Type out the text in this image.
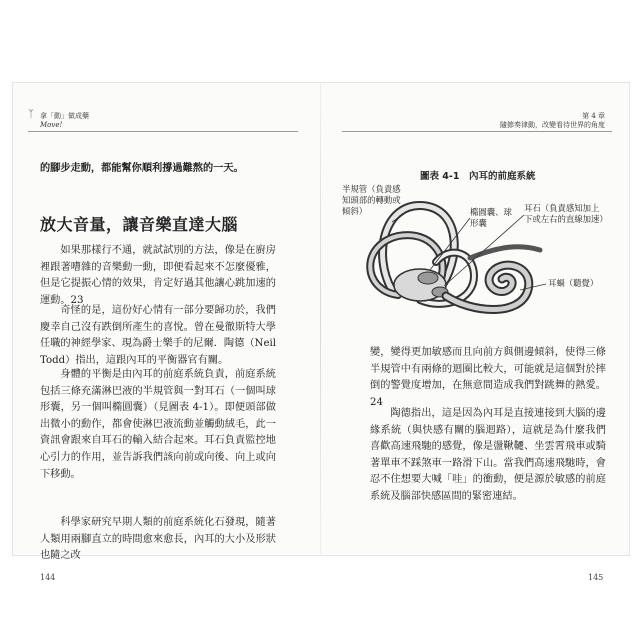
ᛉ 拿「動」做成藥
Move!
的腳步走動，都能幫你順利撐過難熬的一天。
放大音量，讓音樂直達大腦
如果那樣行不通，就試試別的方法，像是在廚房裡跟著嘈雜的音樂動一動，即便看起來不怎麼優雅，但是它提振心情的效果，肯定好過其他讓心跳加速的運動。23
奇怪的是，這份好心情有一部分要歸功於，我們慶幸自己沒有跌倒所產生的喜悅。曾在曼徹斯特大學任職的神經學家、現為爵士樂手的尼爾．陶德（Neil Todd）指出，這跟內耳的平衡器官有關。
身體的平衡是由內耳的前庭系統負責，前庭系統包括三條充滿淋巴液的半規管與一對耳石（一個叫球形囊，另一個叫橢圓囊）（見圖表 4-1）。即便頭部做出微小的動作，都會使淋巴液流動並觸動絨毛，此一資訊會跟來自耳石的輸入結合起來。耳石負責監控地心引力的作用，並告訴我們該向前或向後、向上或向下移動。
科學家研究早期人類的前庭系統化石發現，隨著人類用兩腳直立的時間愈來愈長，內耳的大小及形狀也隨之改
144
第 4 章
隨節奏律動，改變看待世界的角度
圖表 4-1　內耳的前庭系統
半規管（負責感知頭部的轉動或傾斜）	橢圓囊、球形囊
耳石（負責感知加上下或左右的直線加速）
耳蝸（聽覺）
變，變得更加敏感而且向前方與側邊傾斜，使得三條半規管中有兩條的迴圈比較大，可能就是這個對於摔倒的警覺度增加，在無意間造成我們對跳舞的熱愛。24
陶德指出，這是因為內耳是直接連接到大腦的邊緣系統（與快感有關的腦迴路），這就是為什麼我們喜歡高速飛馳的感覺，像是盪鞦韆、坐雲霄飛車或騎著單車不踩煞車一路滑下山。當我們高速飛馳時，會忍不住想要大喊「哇」的衝動，便是源於敏感的前庭系統及腦部快感區間的緊密連結。
145
